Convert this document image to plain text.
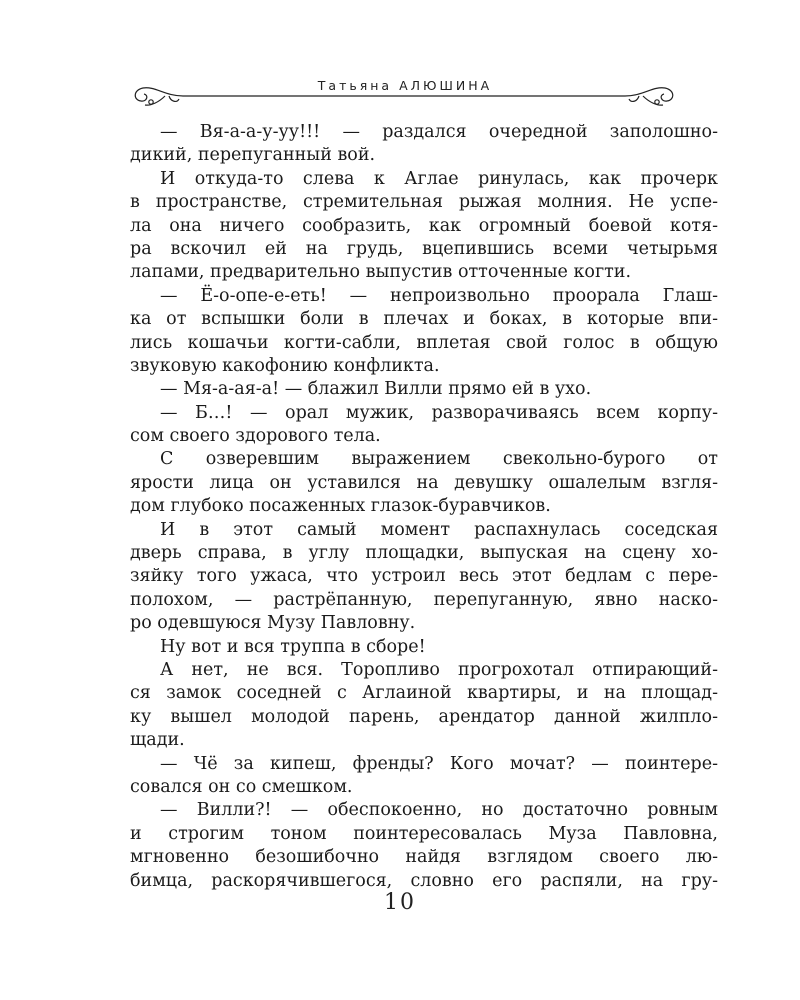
Татьяна АЛЮШИНА
— Вя-а-а-у-уу!!! — раздался очередной заполошно-
дикий, перепуганный вой.
И откуда-то слева к Аглае ринулась, как прочерк
в пространстве, стремительная рыжая молния. Не успе-
ла она ничего сообразить, как огромный боевой котя-
ра вскочил ей на грудь, вцепившись всеми четырьмя
лапами, предварительно выпустив отточенные когти.
— Ё-о-опе-е-еть! — непроизвольно проорала Глаш-
ка от вспышки боли в плечах и боках, в которые впи-
лись кошачьи когти-сабли, вплетая свой голос в общую
звуковую какофонию конфликта.
— Мя-а-ая-а! — блажил Вилли прямо ей в ухо.
— Б…! — орал мужик, разворачиваясь всем корпу-
сом своего здорового тела.
С озверевшим выражением свекольно-бурого от
ярости лица он уставился на девушку ошалелым взгля-
дом глубоко посаженных глазок-буравчиков.
И в этот самый момент распахнулась соседская
дверь справа, в углу площадки, выпуская на сцену хо-
зяйку того ужаса, что устроил весь этот бедлам с пере-
полохом, — растрёпанную, перепуганную, явно наско-
ро одевшуюся Музу Павловну.
Ну вот и вся труппа в сборе!
А нет, не вся. Торопливо прогрохотал отпирающий-
ся замок соседней с Аглаиной квартиры, и на площад-
ку вышел молодой парень, арендатор данной жилпло-
щади.
— Чё за кипеш, френды? Кого мочат? — поинтере-
совался он со смешком.
— Вилли?! — обеспокоенно, но достаточно ровным
и строгим тоном поинтересовалась Муза Павловна,
мгновенно безошибочно найдя взглядом своего лю-
бимца, раскорячившегося, словно его распяли, на гру-
10
